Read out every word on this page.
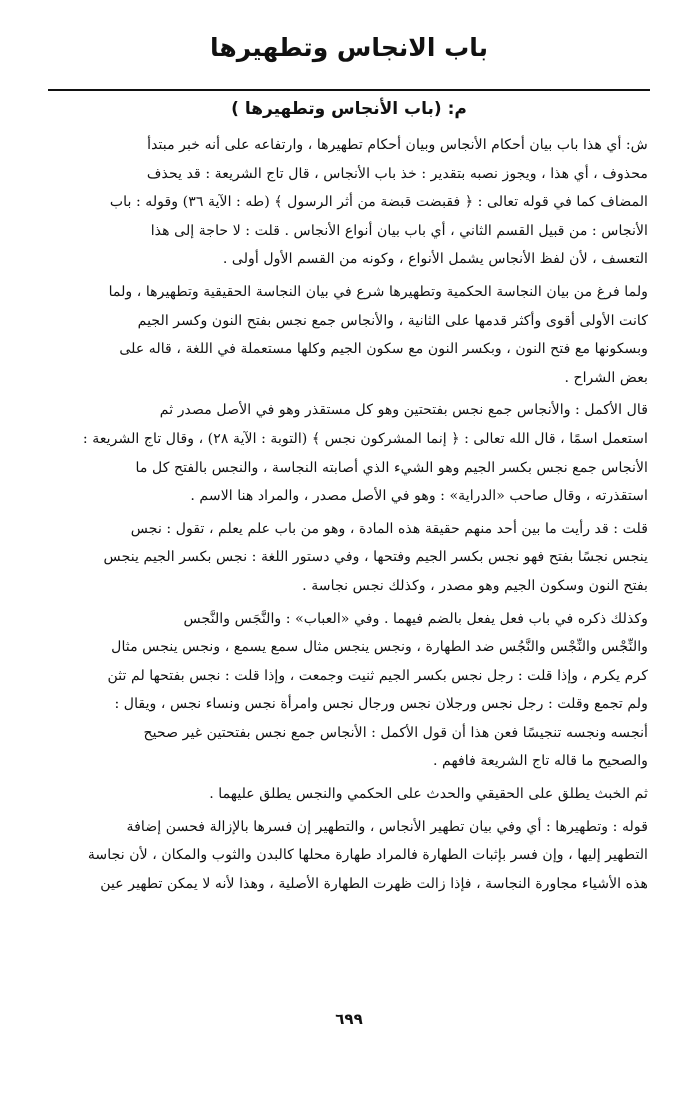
باب الانجاس وتطهيرها
م: (باب الأنجاس وتطهيرها )
ش: أي هذا باب بيان أحكام الأنجاس وبيان أحكام تطهيرها ، وارتفاعه على أنه خبر مبتدأ
محذوف ، أي هذا ، ويجوز نصبه بتقدير : خذ باب الأنجاس ، قال تاج الشريعة : قد يحذف
المضاف كما في قوله تعالى : ﴿ فقبضت قبضة من أثر الرسول ﴾ (طه : الآية ٣٦) وقوله : باب
الأنجاس : من قبيل القسم الثاني ، أي باب بيان أنواع الأنجاس . قلت : لا حاجة إلى هذا
التعسف ، لأن لفظ الأنجاس يشمل الأنواع ، وكونه من القسم الأول أولى .
ولما فرغ من بيان النجاسة الحكمية وتطهيرها شرع في بيان النجاسة الحقيقية وتطهيرها ، ولما
كانت الأولى أقوى وأكثر قدمها على الثانية ، والأنجاس جمع نجس بفتح النون وكسر الجيم
وبسكونها مع فتح النون ، وبكسر النون مع سكون الجيم وكلها مستعملة في اللغة ، قاله على
بعض الشراح .
قال الأكمل : والأنجاس جمع نجس بفتحتين وهو كل مستقذر وهو في الأصل مصدر ثم
استعمل اسمًا ، قال الله تعالى : ﴿ إنما المشركون نجس ﴾ (التوبة : الآية ٢٨) ، وقال تاج الشريعة :
الأنجاس جمع نجس بكسر الجيم وهو الشيء الذي أصابته النجاسة ، والنجس بالفتح كل ما
استقذرته ، وقال صاحب «الدراية» : وهو في الأصل مصدر ، والمراد هنا الاسم .
قلت : قد رأيت ما بين أحد منهم حقيقة هذه المادة ، وهو من باب علم يعلم ، تقول : نجس
ينجس نجسًا بفتح فهو نجس بكسر الجيم وفتحها ، وفي دستور اللغة : نجس بكسر الجيم ينجس
بفتح النون وسكون الجيم وهو مصدر ، وكذلك نجس نجاسة .
وكذلك ذكره في باب فعل يفعل بالضم فيهما . وفي «العباب» : والنَّجَس والنَّجس
والنِّجْس والنِّجْس والنَّجُس ضد الطهارة ، ونجس ينجس مثال سمع يسمع ، ونجس ينجس مثال
كرم يكرم ، وإذا قلت : رجل نجس بكسر الجيم ثنيت وجمعت ، وإذا قلت : نجس بفتحها لم تثن
ولم تجمع وقلت : رجل نجس ورجلان نجس ورجال نجس وامرأة نجس ونساء نجس ، ويقال :
أنجسه ونجسه تنجيسًا فعن هذا أن قول الأكمل : الأنجاس جمع نجس بفتحتين غير صحيح
والصحيح ما قاله تاج الشريعة فافهم .
ثم الخبث يطلق على الحقيقي والحدث على الحكمي والنجس يطلق عليهما .
قوله : وتطهيرها : أي وفي بيان تطهير الأنجاس ، والتطهير إن فسرها بالإزالة فحسن إضافة
التطهير إليها ، وإن فسر بإثبات الطهارة فالمراد طهارة محلها كالبدن والثوب والمكان ، لأن نجاسة
هذه الأشياء مجاورة النجاسة ، فإذا زالت ظهرت الطهارة الأصلية ، وهذا لأنه لا يمكن تطهير عين
٦٩٩
